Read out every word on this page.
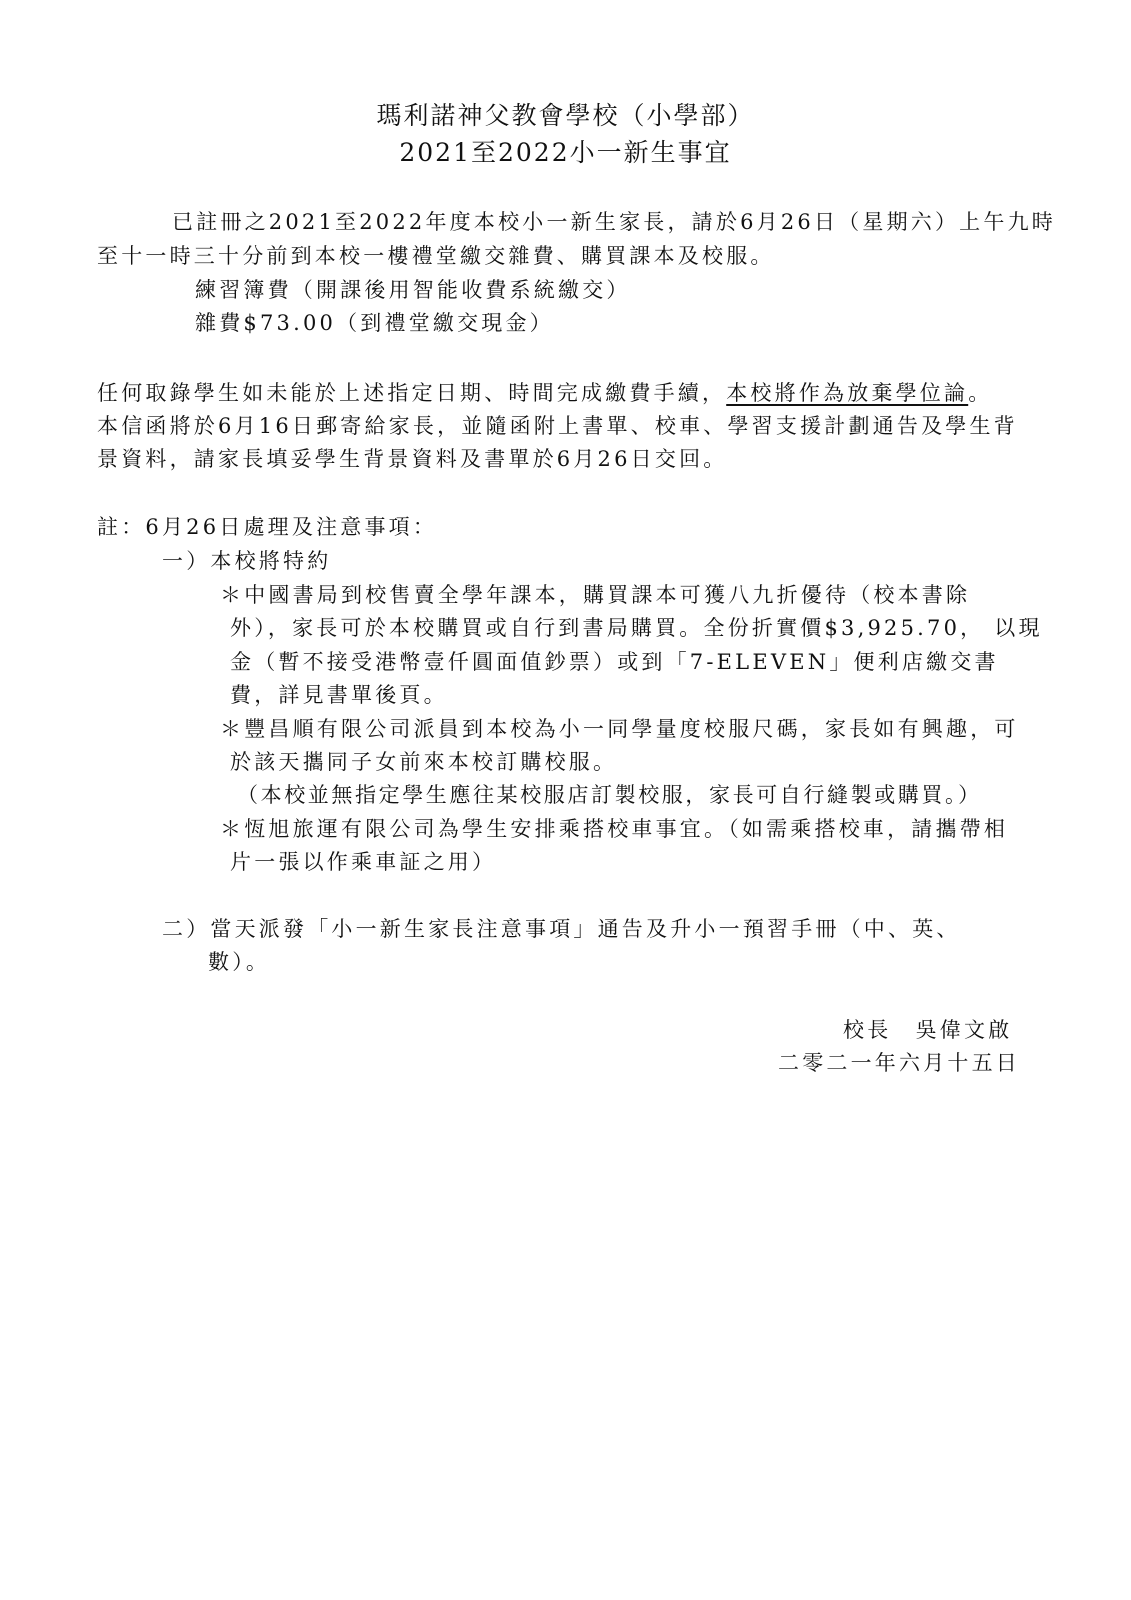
瑪利諾神父教會學校（小學部）
2021至2022小一新生事宜
已註冊之2021至2022年度本校小一新生家長，請於6月26日（星期六）上午九時
至十一時三十分前到本校一樓禮堂繳交雜費、購買課本及校服。
練習簿費（開課後用智能收費系統繳交）
雜費$73.00（到禮堂繳交現金）
任何取錄學生如未能於上述指定日期、時間完成繳費手續，本校將作為放棄學位論。
本信函將於6月16日郵寄給家長，並隨函附上書單、校車、學習支援計劃通告及學生背
景資料，請家長填妥學生背景資料及書單於6月26日交回。
註：6月26日處理及注意事項：
一）本校將特約
＊中國書局到校售賣全學年課本，購買課本可獲八九折優待（校本書除
外），家長可於本校購買或自行到書局購買。全份折實價$3,925.70， 以現
金（暫不接受港幣壹仟圓面值鈔票）或到「7-ELEVEN」便利店繳交書
費，詳見書單後頁。
＊豐昌順有限公司派員到本校為小一同學量度校服尺碼，家長如有興趣，可
於該天攜同子女前來本校訂購校服。
（本校並無指定學生應往某校服店訂製校服，家長可自行縫製或購買。）
＊恆旭旅運有限公司為學生安排乘搭校車事宜。（如需乘搭校車，請攜帶相
片一張以作乘車証之用）
二）當天派發「小一新生家長注意事項」通告及升小一預習手冊（中、英、
數）。
校長　吳偉文啟
二零二一年六月十五日
